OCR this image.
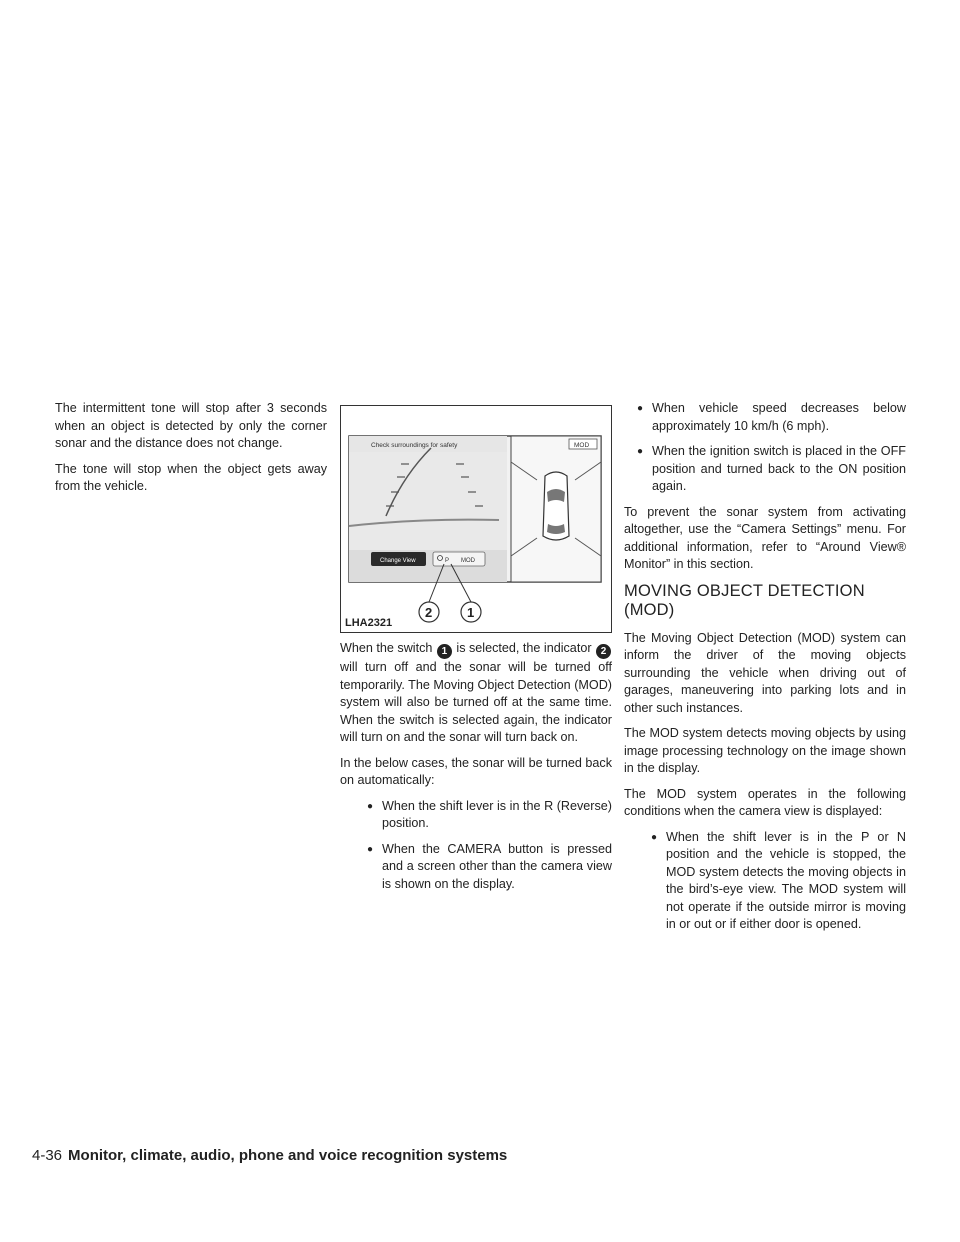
The intermittent tone will stop after 3 seconds when an object is detected by only the corner sonar and the distance does not change.

The tone will stop when the object gets away from the vehicle.

Check surroundings for safety
Change View	P MOD
MOD
2	1
LHA2321

When the switch 1 is selected, the indicator 2 will turn off and the sonar will be turned off temporarily. The Moving Object Detection (MOD) system will also be turned off at the same time. When the switch is selected again, the indicator will turn on and the sonar will turn back on.

In the below cases, the sonar will be turned back on automatically:

● When the shift lever is in the R (Reverse) position.
● When the CAMERA button is pressed and a screen other than the camera view is shown on the display.
● When vehicle speed decreases below approximately 10 km/h (6 mph).
● When the ignition switch is placed in the OFF position and turned back to the ON position again.

To prevent the sonar system from activating altogether, use the “Camera Settings” menu. For additional information, refer to “Around View® Monitor” in this section.

MOVING OBJECT DETECTION (MOD)

The Moving Object Detection (MOD) system can inform the driver of the moving objects surrounding the vehicle when driving out of garages, maneuvering into parking lots and in other such instances.

The MOD system detects moving objects by using image processing technology on the image shown in the display.

The MOD system operates in the following conditions when the camera view is displayed:

● When the shift lever is in the P or N position and the vehicle is stopped, the MOD system detects the moving objects in the bird’s-eye view. The MOD system will not operate if the outside mirror is moving in or out or if either door is opened.
4-36 Monitor, climate, audio, phone and voice recognition systems
